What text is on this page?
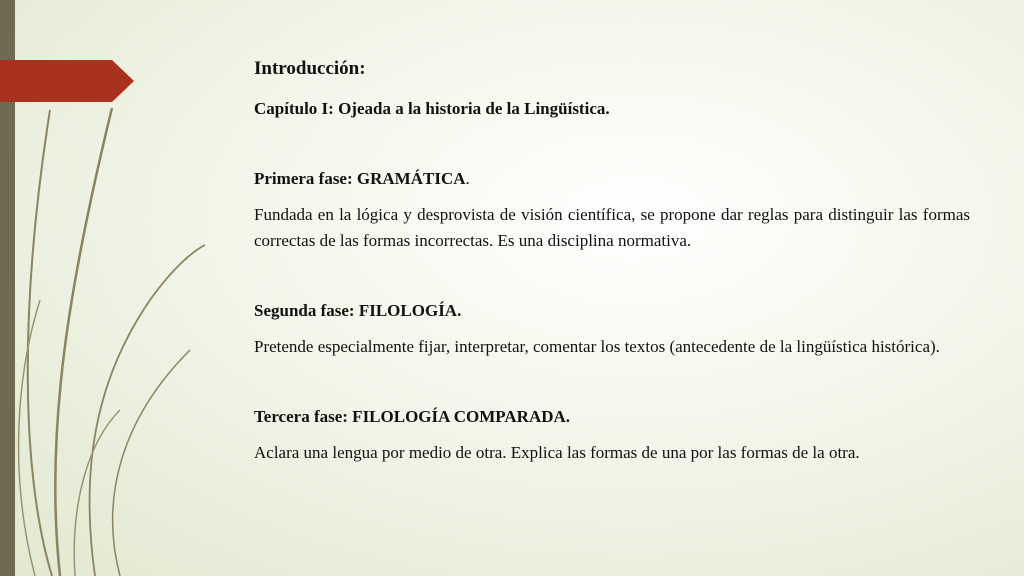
Introducción:

Capítulo I: Ojeada a la historia de la Lingüística.

Primera fase: GRAMÁTICA.

Fundada en la lógica y desprovista de visión científica, se propone dar reglas para distinguir las formas correctas de las formas incorrectas. Es una disciplina normativa.

Segunda fase: FILOLOGÍA.

Pretende especialmente fijar, interpretar, comentar los textos (antecedente de la lingüística histórica).

Tercera fase: FILOLOGÍA COMPARADA.

Aclara una lengua por medio de otra. Explica las formas de una por las formas de la otra.
